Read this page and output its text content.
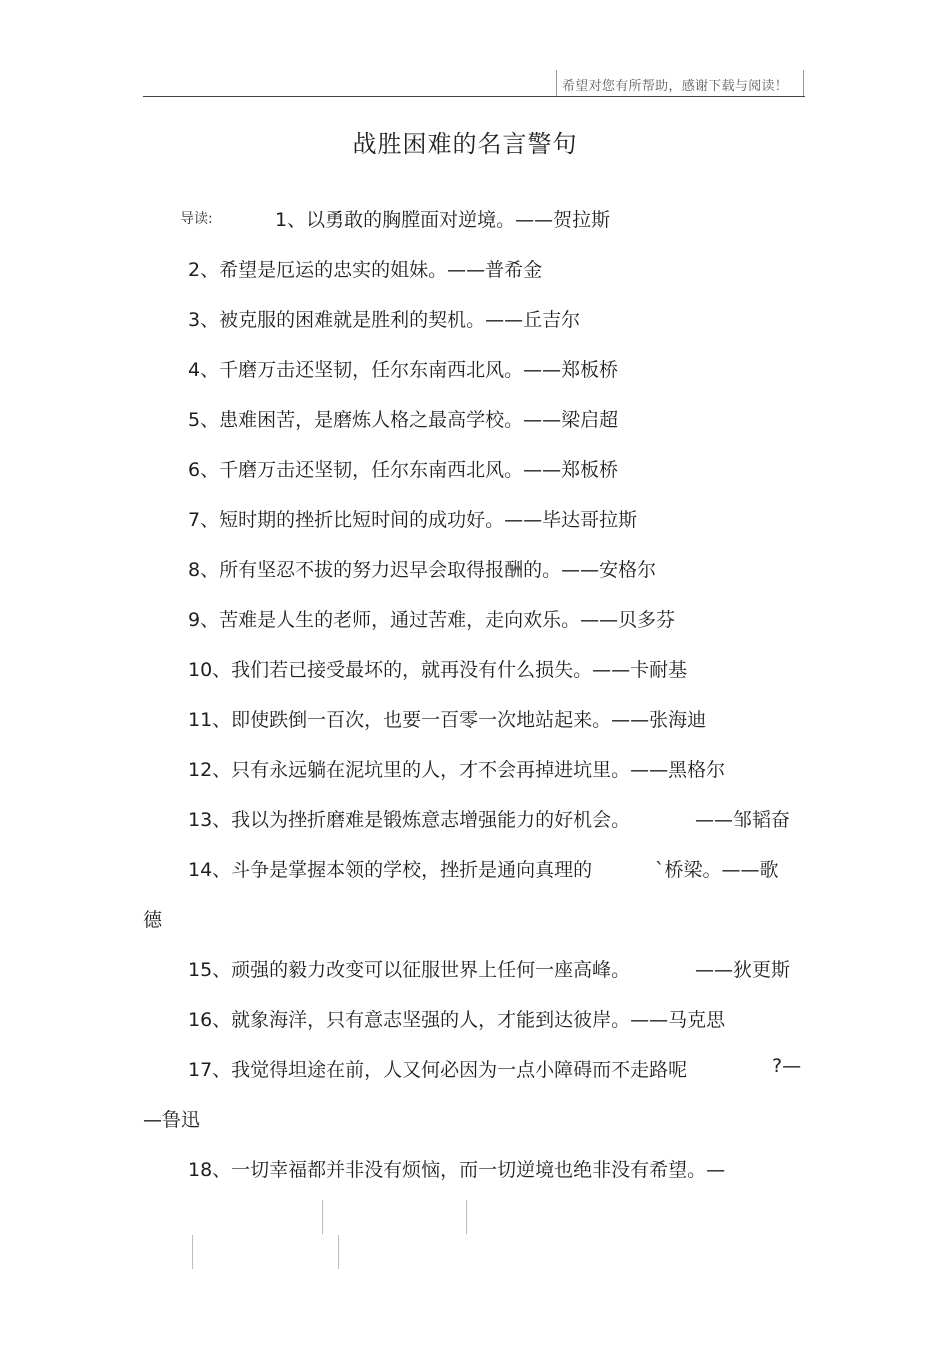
希望对您有所帮助，感谢下载与阅读！
战胜困难的名言警句
导读:	1、以勇敢的胸膛面对逆境。——贺拉斯
2、希望是厄运的忠实的姐妹。——普希金
3、被克服的困难就是胜利的契机。——丘吉尔
4、千磨万击还坚韧，任尔东南西北风。——郑板桥
5、患难困苦，是磨炼人格之最高学校。——梁启超
6、千磨万击还坚韧，任尔东南西北风。——郑板桥
7、短时期的挫折比短时间的成功好。——毕达哥拉斯
8、所有坚忍不拔的努力迟早会取得报酬的。——安格尔
9、苦难是人生的老师，通过苦难，走向欢乐。——贝多芬
10、我们若已接受最坏的，就再没有什么损失。——卡耐基
11、即使跌倒一百次，也要一百零一次地站起来。——张海迪
12、只有永远躺在泥坑里的人，才不会再掉进坑里。——黑格尔
13、我以为挫折磨难是锻炼意志增强能力的好机会。	——邹韬奋
14、斗争是掌握本领的学校，挫折是通向真理的	`桥梁。——歌
德
15、顽强的毅力改变可以征服世界上任何一座高峰。	——狄更斯
16、就象海洋，只有意志坚强的人，才能到达彼岸。——马克思
17、我觉得坦途在前，人又何必因为一点小障碍而不走路呢	?—
—鲁迅
18、一切幸福都并非没有烦恼，而一切逆境也绝非没有希望。—
